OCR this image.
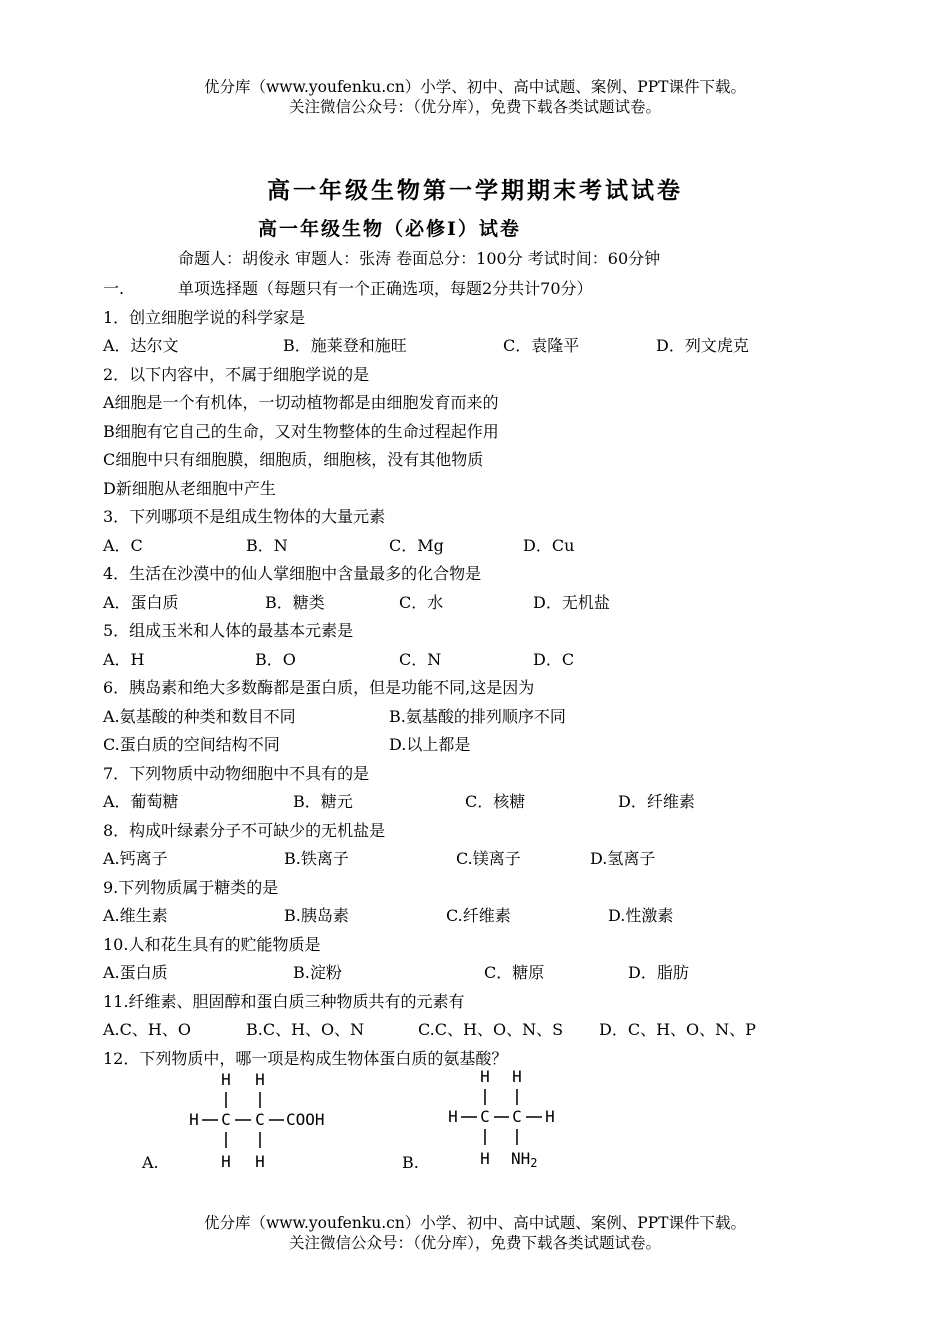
优分库（www.youfenku.cn）小学、初中、高中试题、案例、PPT课件下载。
关注微信公众号：（优分库），免费下载各类试题试卷。
高一年级生物第一学期期末考试试卷
高一年级生物（必修Ⅰ）试卷
命题人：胡俊永 审题人：张涛 卷面总分：100分 考试时间：60分钟
一.	单项选择题（每题只有一个正确选项，每题2分共计70分）
1．创立细胞学说的科学家是
A．达尔文	B．施莱登和施旺	C．袁隆平	D．列文虎克
2．以下内容中，不属于细胞学说的是
A细胞是一个有机体，一切动植物都是由细胞发育而来的
B细胞有它自己的生命，又对生物整体的生命过程起作用
C细胞中只有细胞膜，细胞质，细胞核，没有其他物质
D新细胞从老细胞中产生
3．下列哪项不是组成生物体的大量元素
A．C	B．N	C．Mg	D．Cu
4．生活在沙漠中的仙人掌细胞中含量最多的化合物是
A．蛋白质	B．糖类	C．水	D．无机盐
5．组成玉米和人体的最基本元素是
A．H	B．O	C．N	D．C
6．胰岛素和绝大多数酶都是蛋白质，但是功能不同,这是因为
A.氨基酸的种类和数目不同	B.氨基酸的排列顺序不同
C.蛋白质的空间结构不同	D.以上都是
7．下列物质中动物细胞中不具有的是
A．葡萄糖	B．糖元	C．核糖	D．纤维素
8．构成叶绿素分子不可缺少的无机盐是
A.钙离子	B.铁离子	C.镁离子	D.氢离子
9.下列物质属于糖类的是
A.维生素	B.胰岛素	C.纤维素	D.性激素
10.人和花生具有的贮能物质是
A.蛋白质	B.淀粉	C．糖原	D．脂肪
11.纤维素、胆固醇和蛋白质三种物质共有的元素有
A.C、H、O	B.C、H、O、N	C.C、H、O、N、S D．C、H、O、N、P
12．下列物质中，哪一项是构成生物体蛋白质的氨基酸？
H H
H C C COOH
H H
A.
H H
H C C H
H NH2
B.
优分库（www.youfenku.cn）小学、初中、高中试题、案例、PPT课件下载。
关注微信公众号：（优分库），免费下载各类试题试卷。
